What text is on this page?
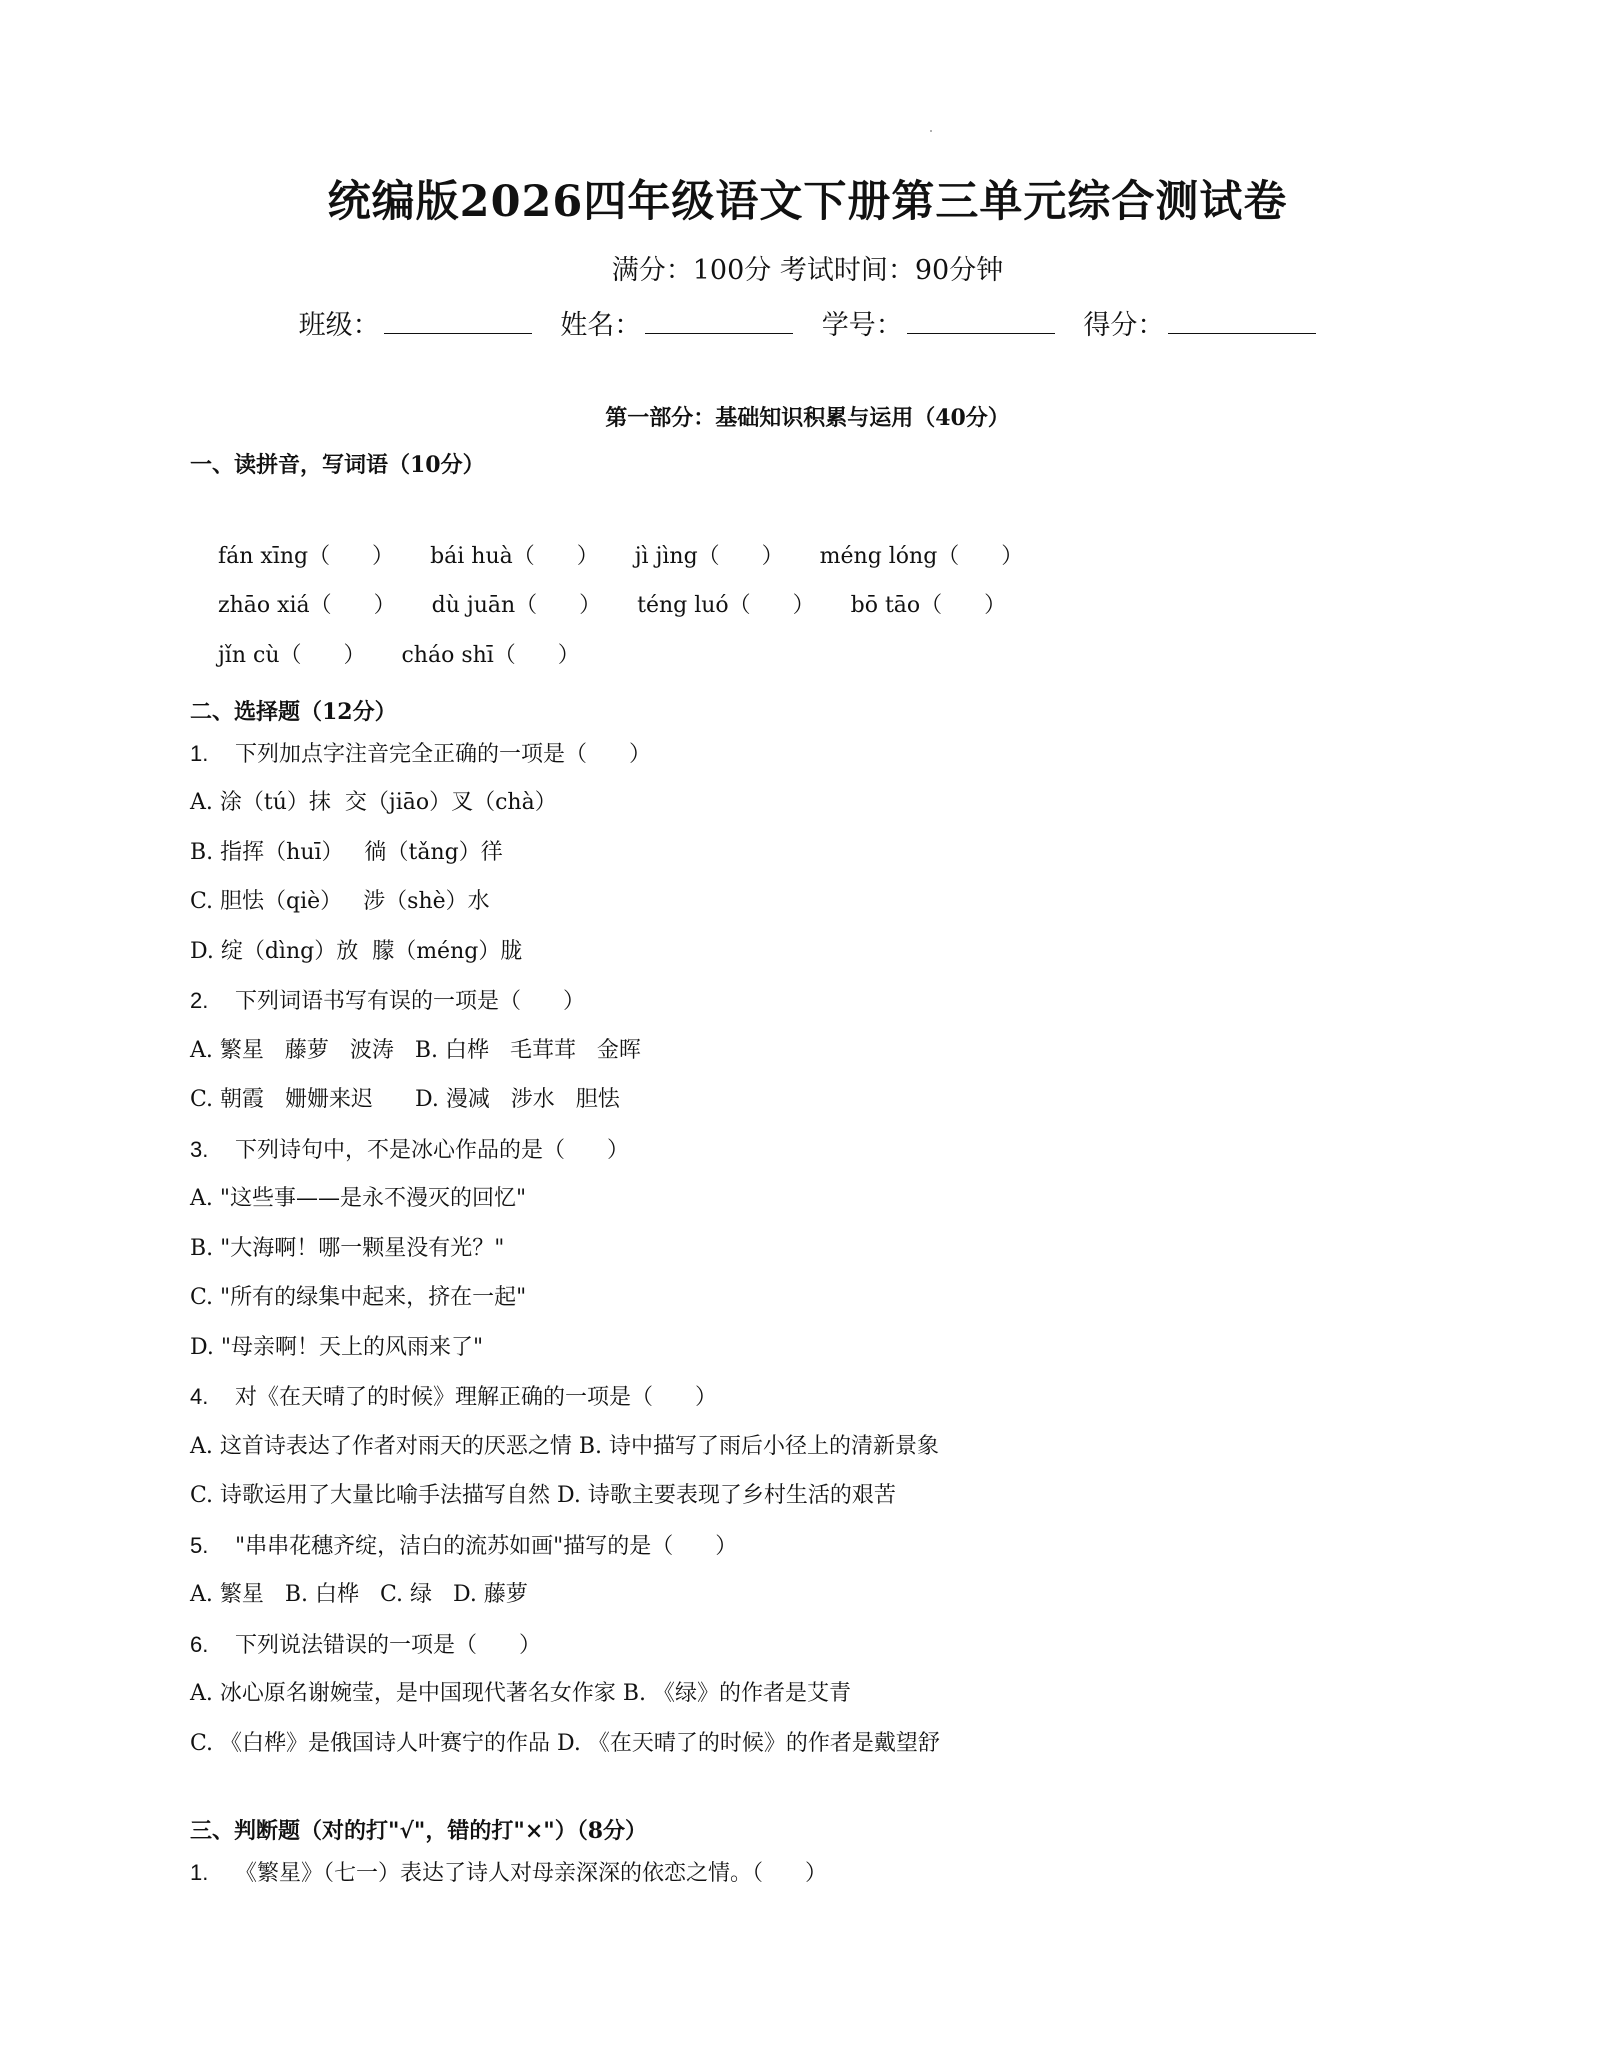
统编版2026四年级语文下册第三单元综合测试卷
满分：100分 考试时间：90分钟
班级：	姓名：	学号：	得分：
第一部分：基础知识积累与运用（40分）
一、读拼音，写词语（10分）

fán xīng（      ） bái huà（      ） jì jìng（      ） méng lóng（      ）

zhāo xiá（      ） dù juān（      ） téng luó（      ） bō tāo（      ）

jǐn cù（      ） cháo shī（      ）

二、选择题（12分）
1. 下列加点字注音完全正确的一项是（      ）
A. 涂（tú）抹  交（jiāo）叉（chà）
B. 指挥（huī）   徜（tǎng）徉
C. 胆怯（qiè）   涉（shè）水
D. 绽（dìng）放  朦（méng）胧
2. 下列词语书写有误的一项是（      ）
A. 繁星   藤萝   波涛   B. 白桦   毛茸茸   金晖
C. 朝霞   姗姗来迟      D. 漫减   涉水   胆怯
3. 下列诗句中，不是冰心作品的是（      ）
A. "这些事——是永不漫灭的回忆"
B. "大海啊！哪一颗星没有光？"
C. "所有的绿集中起来，挤在一起"
D. "母亲啊！天上的风雨来了"
4. 对《在天晴了的时候》理解正确的一项是（      ）
A. 这首诗表达了作者对雨天的厌恶之情 B. 诗中描写了雨后小径上的清新景象
C. 诗歌运用了大量比喻手法描写自然 D. 诗歌主要表现了乡村生活的艰苦
5. "串串花穗齐绽，洁白的流苏如画"描写的是（      ）
A. 繁星   B. 白桦   C. 绿   D. 藤萝
6. 下列说法错误的一项是（      ）
A. 冰心原名谢婉莹，是中国现代著名女作家 B. 《绿》的作者是艾青
C. 《白桦》是俄国诗人叶赛宁的作品 D. 《在天晴了的时候》的作者是戴望舒
三、判断题（对的打"√"，错的打"×"）（8分）
1. 《繁星》（七一）表达了诗人对母亲深深的依恋之情。（      ）
